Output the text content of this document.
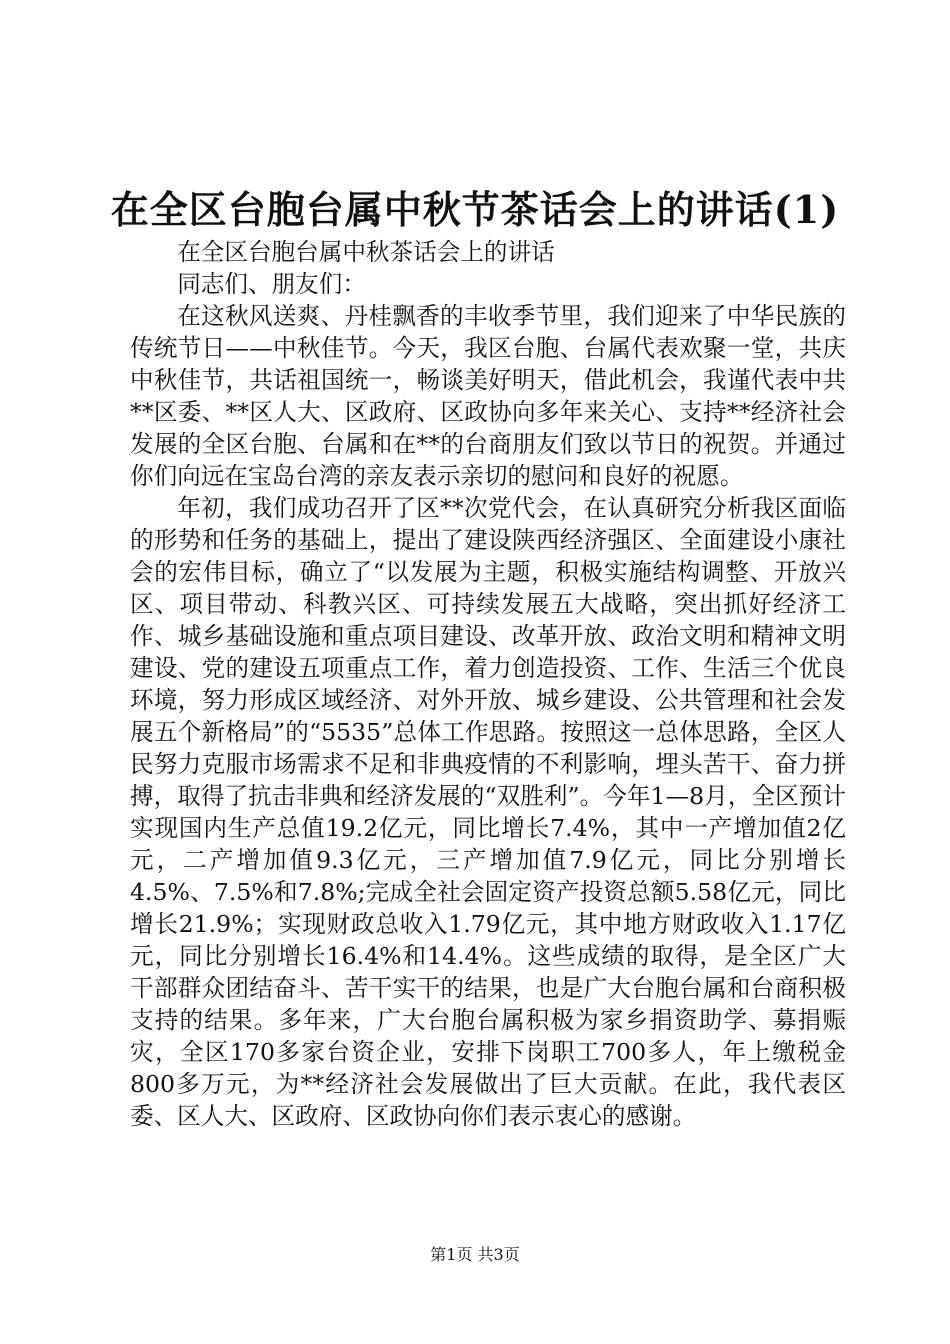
在全区台胞台属中秋节茶话会上的讲话(1)

在全区台胞台属中秋茶话会上的讲话

同志们、朋友们：

在这秋风送爽、丹桂飘香的丰收季节里，我们迎来了中华民族的传统节日——中秋佳节。今天，我区台胞、台属代表欢聚一堂，共庆中秋佳节，共话祖国统一，畅谈美好明天，借此机会，我谨代表中共**区委、**区人大、区政府、区政协向多年来关心、支持**经济社会发展的全区台胞、台属和在**的台商朋友们致以节日的祝贺。并通过你们向远在宝岛台湾的亲友表示亲切的慰问和良好的祝愿。

年初，我们成功召开了区**次党代会，在认真研究分析我区面临的形势和任务的基础上，提出了建设陕西经济强区、全面建设小康社会的宏伟目标，确立了“以发展为主题，积极实施结构调整、开放兴区、项目带动、科教兴区、可持续发展五大战略，突出抓好经济工作、城乡基础设施和重点项目建设、改革开放、政治文明和精神文明建设、党的建设五项重点工作，着力创造投资、工作、生活三个优良环境，努力形成区域经济、对外开放、城乡建设、公共管理和社会发展五个新格局”的“5535”总体工作思路。按照这一总体思路，全区人民努力克服市场需求不足和非典疫情的不利影响，埋头苦干、奋力拼搏，取得了抗击非典和经济发展的“双胜利”。今年1—8月，全区预计实现国内生产总值19.2亿元，同比增长7.4%，其中一产增加值2亿元，二产增加值9.3亿元，三产增加值7.9亿元，同比分别增长4.5%、7.5%和7.8%;完成全社会固定资产投资总额5.58亿元，同比增长21.9%；实现财政总收入1.79亿元，其中地方财政收入1.17亿元，同比分别增长16.4%和14.4%。这些成绩的取得，是全区广大干部群众团结奋斗、苦干实干的结果，也是广大台胞台属和台商积极支持的结果。多年来，广大台胞台属积极为家乡捐资助学、募捐赈灾，全区170多家台资企业，安排下岗职工700多人，年上缴税金800多万元，为**经济社会发展做出了巨大贡献。在此，我代表区委、区人大、区政府、区政协向你们表示衷心的感谢。

第1页 共3页
